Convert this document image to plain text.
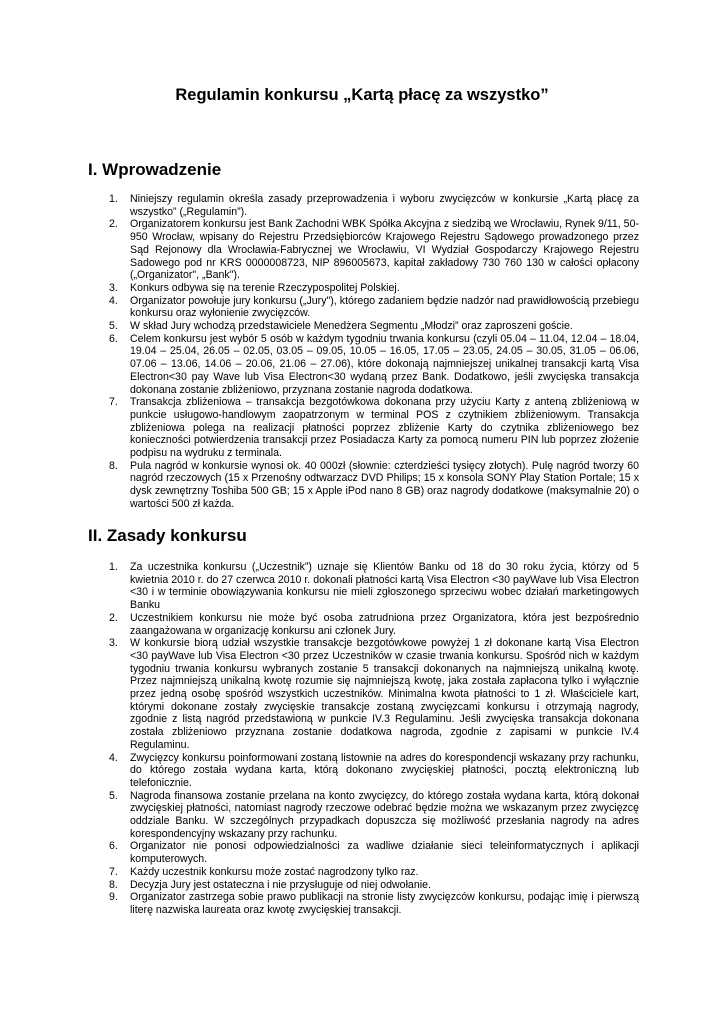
Regulamin konkursu „Kartą płacę za wszystko”
I. Wprowadzenie
1. Niniejszy regulamin określa zasady przeprowadzenia i wyboru zwycięzców w konkursie „Kartą płacę za wszystko” („Regulamin”).
2. Organizatorem konkursu jest Bank Zachodni WBK Spółka Akcyjna z siedzibą we Wrocławiu, Rynek 9/11, 50-950 Wrocław, wpisany do Rejestru Przedsiębiorców Krajowego Rejestru Sądowego prowadzonego przez Sąd Rejonowy dla Wrocławia-Fabrycznej we Wrocławiu, VI Wydział Gospodarczy Krajowego Rejestru Sadowego pod nr KRS 0000008723, NIP 896005673, kapitał zakładowy 730 760 130 w całości opłacony („Organizator", „Bank").
3. Konkurs odbywa się na terenie Rzeczypospolitej Polskiej.
4. Organizator powołuje jury konkursu („Jury"), którego zadaniem będzie nadzór nad prawidłowością przebiegu konkursu oraz wyłonienie zwycięzców.
5. W skład Jury wchodzą przedstawiciele Menedżera Segmentu „Młodzi” oraz zaproszeni goście.
6. Celem konkursu jest wybór 5 osób w każdym tygodniu trwania konkursu (czyli 05.04 – 11.04, 12.04 – 18.04, 19.04 – 25.04, 26.05 – 02.05, 03.05 – 09.05, 10.05 – 16.05, 17.05 – 23.05, 24.05 – 30.05, 31.05 – 06.06, 07.06 – 13.06, 14.06 – 20.06, 21.06 – 27.06), które dokonają najmniejszej unikalnej transakcji kartą Visa Electron<30 pay Wave lub Visa Electron<30 wydaną przez Bank. Dodatkowo, jeśli zwycięska transakcja dokonana zostanie zbliżeniowo, przyznana zostanie nagroda dodatkowa.
7. Transakcja zbliżeniowa – transakcja bezgotówkowa dokonana przy użyciu Karty z anteną zbliżeniową w punkcie usługowo-handlowym zaopatrzonym w terminal POS z czytnikiem zbliżeniowym. Transakcja zbliżeniowa polega na realizacji płatności poprzez zbliżenie Karty do czytnika zbliżeniowego bez konieczności potwierdzenia transakcji przez Posiadacza Karty za pomocą numeru PIN lub poprzez złożenie podpisu na wydruku z terminala.
8. Pula nagród w konkursie wynosi ok. 40 000zł (słownie: czterdzieści tysięcy złotych). Pulę nagród tworzy 60 nagród rzeczowych (15 x Przenośny odtwarzacz DVD Philips; 15 x konsola SONY Play Station Portale; 15 x dysk zewnętrzny Toshiba 500 GB; 15 x Apple iPod nano 8 GB) oraz nagrody dodatkowe (maksymalnie 20) o wartości 500 zł każda.
II. Zasady konkursu
1. Za uczestnika konkursu („Uczestnik”) uznaje się Klientów Banku od 18 do 30 roku życia, którzy od 5 kwietnia 2010 r. do 27 czerwca 2010 r. dokonali płatności kartą Visa Electron <30 payWave lub Visa Electron <30 i w terminie obowiązywania konkursu nie mieli zgłoszonego sprzeciwu wobec działań marketingowych Banku
2. Uczestnikiem konkursu nie może być osoba zatrudniona przez Organizatora, która jest bezpośrednio zaangażowana w organizację konkursu ani członek Jury.
3. W konkursie biorą udział wszystkie transakcje bezgotówkowe powyżej 1 zł dokonane kartą Visa Electron <30 payWave lub Visa Electron <30 przez Uczestników w czasie trwania konkursu. Spośród nich w każdym tygodniu trwania konkursu wybranych zostanie 5 transakcji dokonanych na najmniejszą unikalną kwotę. Przez najmniejszą unikalną kwotę rozumie się najmniejszą kwotę, jaka została zapłacona tylko i wyłącznie przez jedną osobę spośród wszystkich uczestników. Minimalna kwota płatności to 1 zł. Właściciele kart, którymi dokonane zostały zwycięskie transakcje zostaną zwycięzcami konkursu i otrzymają nagrody, zgodnie z listą nagród przedstawioną w punkcie IV.3 Regulaminu. Jeśli zwycięska transakcja dokonana została zbliżeniowo przyznana zostanie dodatkowa nagroda, zgodnie z zapisami w punkcie IV.4 Regulaminu.
4. Zwycięzcy konkursu poinformowani zostaną listownie na adres do korespondencji wskazany przy rachunku, do którego została wydana karta, którą dokonano zwycięskiej płatności, pocztą elektroniczną lub telefonicznie.
5. Nagroda finansowa zostanie przelana na konto zwycięzcy, do którego została wydana karta, którą dokonał zwycięskiej płatności, natomiast nagrody rzeczowe odebrać będzie można we wskazanym przez zwycięzcę oddziale Banku. W szczególnych przypadkach dopuszcza się możliwość przesłania nagrody na adres korespondencyjny wskazany przy rachunku.
6. Organizator nie ponosi odpowiedzialności za wadliwe działanie sieci teleinformatycznych i aplikacji komputerowych.
7. Każdy uczestnik konkursu może zostać nagrodzony tylko raz.
8. Decyzja Jury jest ostateczna i nie przysługuje od niej odwołanie.
9. Organizator zastrzega sobie prawo publikacji na stronie listy zwycięzców konkursu, podając imię i pierwszą literę nazwiska laureata oraz kwotę zwycięskiej transakcji.
